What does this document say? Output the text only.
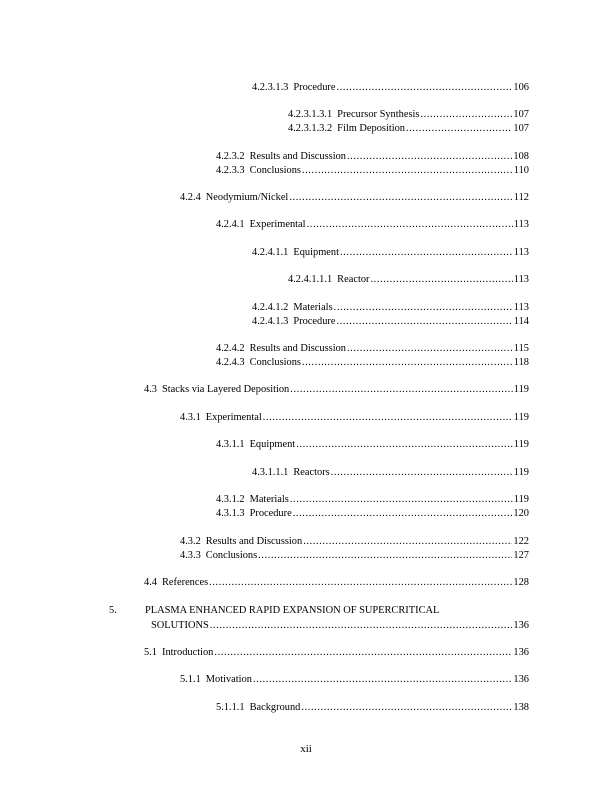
4.2.3.1.3 Procedure .....	106
4.2.3.1.3.1 Precursor Synthesis .....	107
4.2.3.1.3.2 Film Deposition .....	107
4.2.3.2 Results and Discussion .....	108
4.2.3.3 Conclusions .....	110
4.2.4 Neodymium/Nickel .....	112
4.2.4.1 Experimental .....	113
4.2.4.1.1 Equipment .....	113
4.2.4.1.1.1 Reactor .....	113
4.2.4.1.2 Materials .....	113
4.2.4.1.3 Procedure .....	114
4.2.4.2 Results and Discussion .....	115
4.2.4.3 Conclusions .....	118
4.3 Stacks via Layered Deposition .....	119
4.3.1 Experimental .....	119
4.3.1.1 Equipment .....	119
4.3.1.1.1 Reactors .....	119
4.3.1.2 Materials .....	119
4.3.1.3 Procedure .....	120
4.3.2 Results and Discussion .....	122
4.3.3 Conclusions .....	127
4.4 References .....	128
5.	PLASMA ENHANCED RAPID EXPANSION OF SUPERCRITICAL
SOLUTIONS .....	136
5.1 Introduction .....	136
5.1.1 Motivation .....	136
5.1.1.1 Background .....	138
xii
